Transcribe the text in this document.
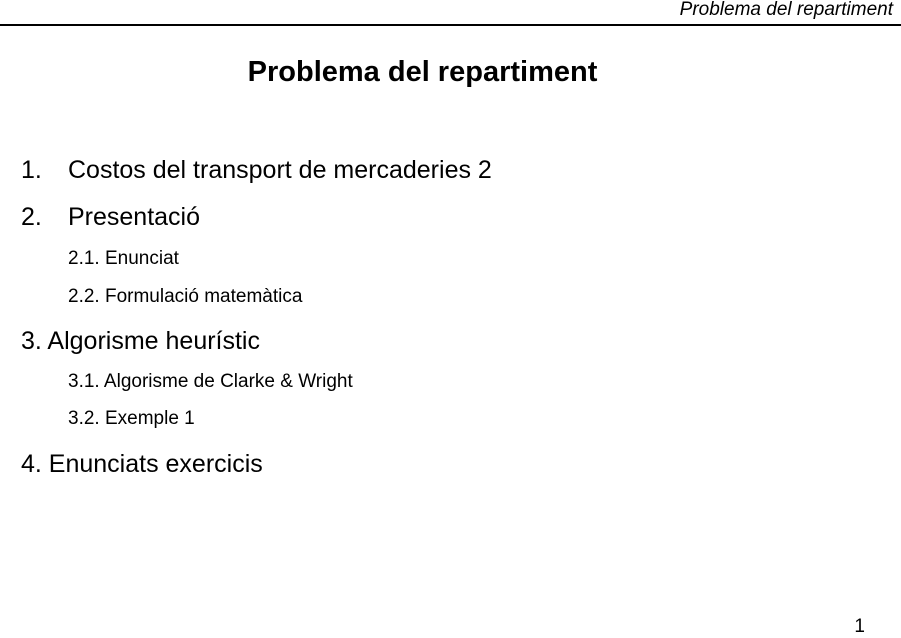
Problema del repartiment
Problema del repartiment
1. Costos del transport de mercaderies 2
2. Presentació
2.1. Enunciat
2.2. Formulació matemàtica
3. Algorisme heurístic
3.1. Algorisme de Clarke & Wright
3.2. Exemple 1
4. Enunciats exercicis
1
